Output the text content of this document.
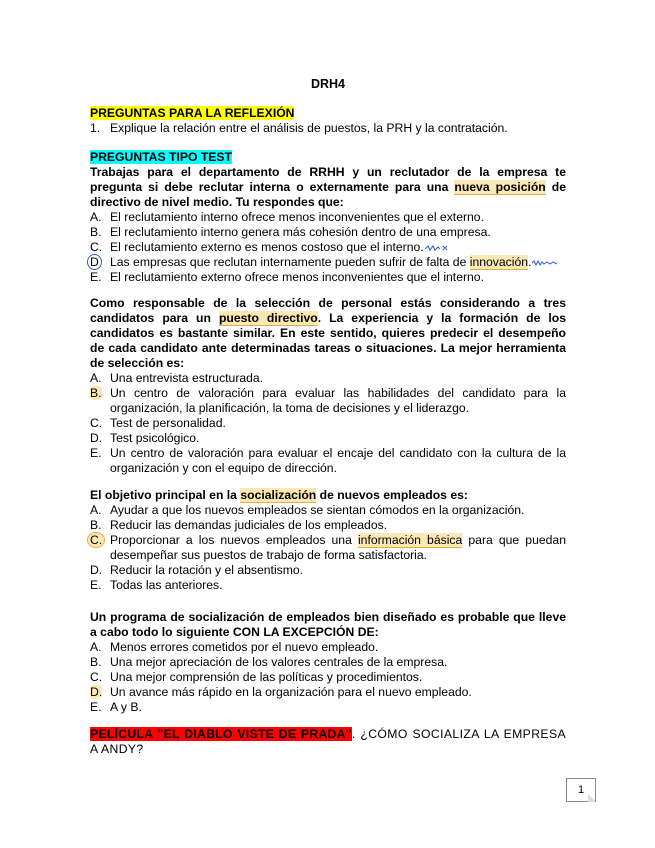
DRH4
PREGUNTAS PARA LA REFLEXIÓN
1. Explique la relación entre el análisis de puestos, la PRH y la contratación.
PREGUNTAS TIPO TEST
Trabajas para el departamento de RRHH y un reclutador de la empresa te pregunta si debe reclutar interna o externamente para una nueva posición de directivo de nivel medio. Tu respondes que:
A. El reclutamiento interno ofrece menos inconvenientes que el externo.
B. El reclutamiento interno genera más cohesión dentro de una empresa.
C. El reclutamiento externo es menos costoso que el interno.
D Las empresas que reclutan internamente pueden sufrir de falta de innovación.
E. El reclutamiento externo ofrece menos inconvenientes que el interno.
Como responsable de la selección de personal estás considerando a tres candidatos para un puesto directivo. La experiencia y la formación de los candidatos es bastante similar. En este sentido, quieres predecir el desempeño de cada candidato ante determinadas tareas o situaciones. La mejor herramienta de selección es:
A. Una entrevista estructurada.
B. Un centro de valoración para evaluar las habilidades del candidato para la organización, la planificación, la toma de decisiones y el liderazgo.
C. Test de personalidad.
D. Test psicológico.
E. Un centro de valoración para evaluar el encaje del candidato con la cultura de la organización y con el equipo de dirección.
El objetivo principal en la socialización de nuevos empleados es:
A. Ayudar a que los nuevos empleados se sientan cómodos en la organización.
B. Reducir las demandas judiciales de los empleados.
C. Proporcionar a los nuevos empleados una información básica para que puedan desempeñar sus puestos de trabajo de forma satisfactoria.
D. Reducir la rotación y el absentismo.
E. Todas las anteriores.
Un programa de socialización de empleados bien diseñado es probable que lleve a cabo todo lo siguiente CON LA EXCEPCIÓN DE:
A. Menos errores cometidos por el nuevo empleado.
B. Una mejor apreciación de los valores centrales de la empresa.
C. Una mejor comprensión de las políticas y procedimientos.
D. Un avance más rápido en la organización para el nuevo empleado.
E. A y B.
PELÍCULA "EL DIABLO VISTE DE PRADA". ¿CÓMO SOCIALIZA LA EMPRESA A ANDY?
1
